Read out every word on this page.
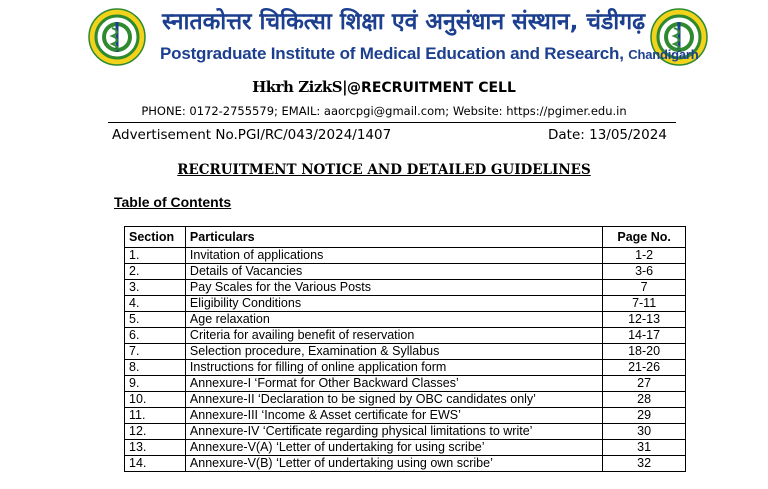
स्नातकोत्तर चिकित्सा शिक्षा एवं अनुसंधान संस्थान, चंडीगढ़
Postgraduate Institute of Medical Education and Research, Chandigarh
Hkrh ZizkS|@RECRUITMENT CELL
PHONE: 0172-2755579; EMAIL: aaorcpgi@gmail.com; Website: https://pgimer.edu.in
Advertisement No.PGI/RC/043/2024/1407	Date: 13/05/2024
RECRUITMENT NOTICE AND DETAILED GUIDELINES
Table of Contents
Section	Particulars	Page No.
1.	Invitation of applications	1-2
2.	Details of Vacancies	3-6
3.	Pay Scales for the Various Posts	7
4.	Eligibility Conditions	7-11
5.	Age relaxation	12-13
6.	Criteria for availing benefit of reservation	14-17
7.	Selection procedure, Examination & Syllabus	18-20
8.	Instructions for filling of online application form	21-26
9.	Annexure-I ‘Format for Other Backward Classes’	27
10.	Annexure-II ‘Declaration to be signed by OBC candidates only’	28
11.	Annexure-III ‘Income & Asset certificate for EWS’	29
12.	Annexure-IV ‘Certificate regarding physical limitations to write’	30
13.	Annexure-V(A) ‘Letter of undertaking for using scribe’	31
14.	Annexure-V(B) ‘Letter of undertaking using own scribe’	32
